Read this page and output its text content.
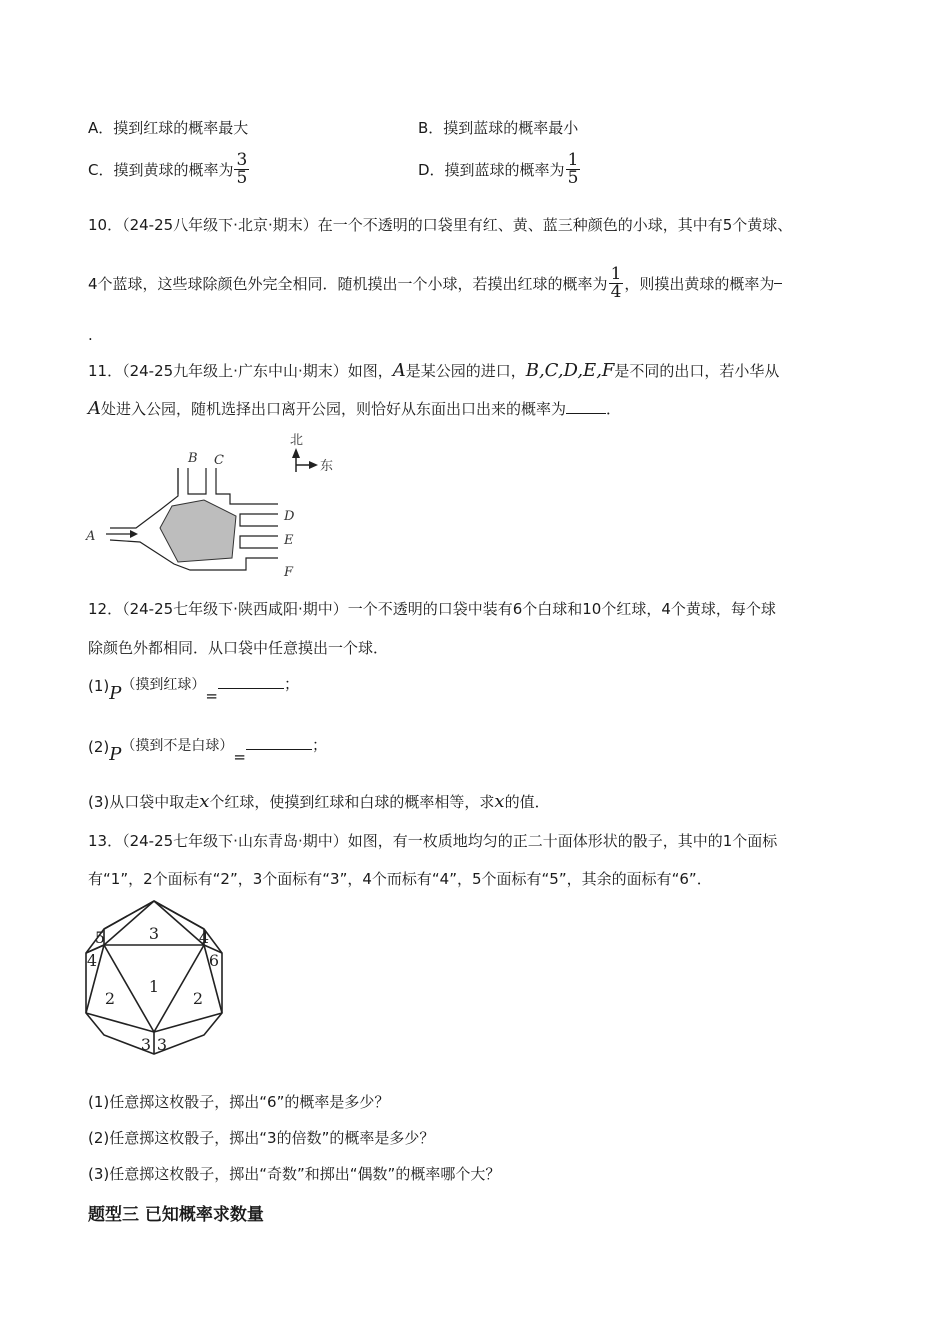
A．摸到红球的概率最大	B．摸到蓝球的概率最小
C．摸到黄球的概率为 $\frac{3}{5}$	D．摸到蓝球的概率为 $\frac{1}{5}$
10．（24-25八年级下·北京·期末）在一个不透明的口袋里有红、黄、蓝三种颜色的小球，其中有5个黄球、
4个蓝球，这些球除颜色外完全相同．随机摸出一个小球，若摸出红球的概率为 $\frac{1}{4}$ ，则摸出黄球的概率为
.
11．（24-25九年级上·广东中山·期末）如图，A是某公园的进口，B,C,D,E,F是不同的出口，若小华从
A处进入公园，随机选择出口离开公园，则恰好从东面出口出来的概率为	．
北
东
B C
D
E
F
A
12．（24-25七年级下·陕西咸阳·期中）一个不透明的口袋中装有6个白球和10个红球，4个黄球，每个球
除颜色外都相同．从口袋中任意摸出一个球．
(1)P（摸到红球）=；
(2)P（摸到不是白球）=；
(3)从口袋中取走x个红球，使摸到红球和白球的概率相等，求x的值．
13．（24-25七年级下·山东青岛·期中）如图，有一枚质地均匀的正二十面体形状的骰子，其中的1个面标
有“1”，2个面标有“2”，3个面标有“3”，4个而标有“4”，5个面标有“5”，其余的面标有“6”．
3
5	4
4	6
1
2	2
3 3
(1)任意掷这枚骰子，掷出“6”的概率是多少？
(2)任意掷这枚骰子，掷出“3的倍数”的概率是多少？
(3)任意掷这枚骰子，掷出“奇数”和掷出“偶数”的概率哪个大？
题型三 已知概率求数量
